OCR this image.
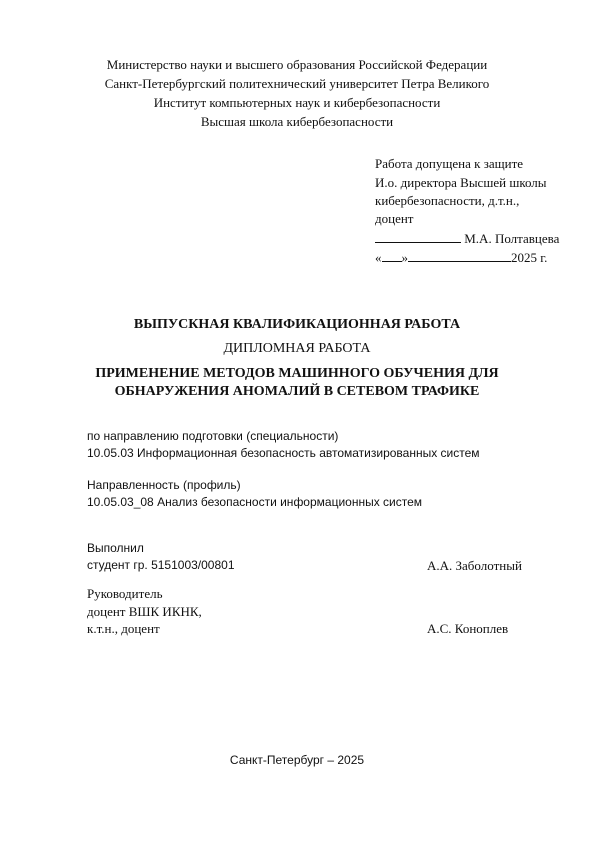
Министерство науки и высшего образования Российской Федерации
Санкт-Петербургский политехнический университет Петра Великого
Институт компьютерных наук и кибербезопасности
Высшая школа кибербезопасности
Работа допущена к защите
И.о. директора Высшей школы
кибербезопасности, д.т.н.,
доцент
М.А. Полтавцева
« »	2025 г.
ВЫПУСКНАЯ КВАЛИФИКАЦИОННАЯ РАБОТА
ДИПЛОМНАЯ РАБОТА
ПРИМЕНЕНИЕ МЕТОДОВ МАШИННОГО ОБУЧЕНИЯ ДЛЯ
ОБНАРУЖЕНИЯ АНОМАЛИЙ В СЕТЕВОМ ТРАФИКЕ
по направлению подготовки (специальности)
10.05.03 Информационная безопасность автоматизированных систем
Направленность (профиль)
10.05.03_08 Анализ безопасности информационных систем
Выполнил
студент гр. 5151003/00801	А.А. Заболотный
Руководитель
доцент ВШК ИКНК,
к.т.н., доцент	А.С. Коноплев
Санкт-Петербург – 2025
